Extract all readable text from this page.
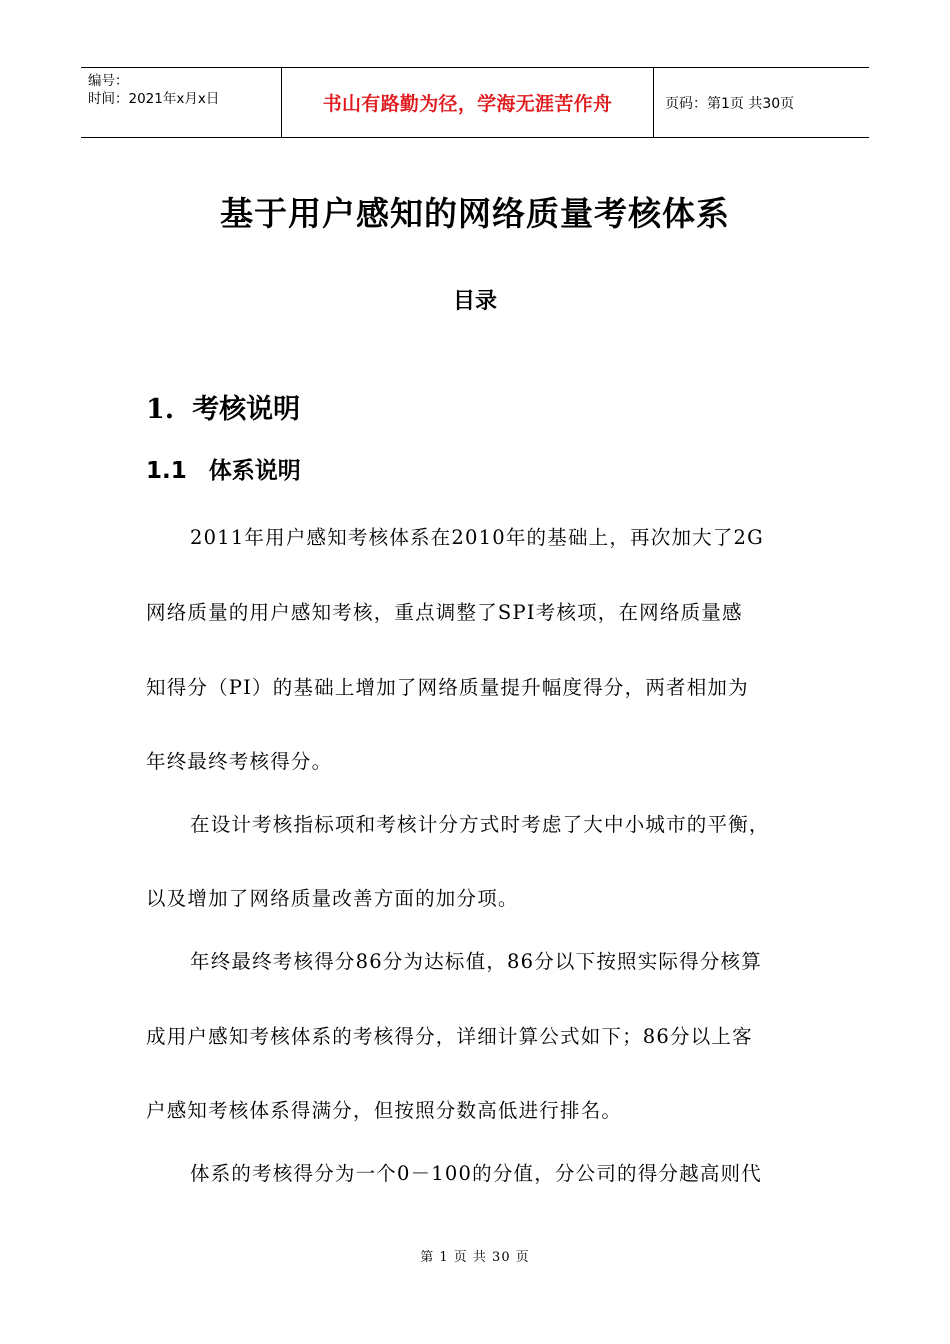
编号：
时间：2021年x月x日	书山有路勤为径，学海无涯苦作舟	页码：第1页 共30页
基于用户感知的网络质量考核体系
目录
1. 考核说明
1.1 体系说明
2011年用户感知考核体系在2010年的基础上，再次加大了2G
网络质量的用户感知考核，重点调整了SPI考核项，在网络质量感
知得分（PI）的基础上增加了网络质量提升幅度得分，两者相加为
年终最终考核得分。
在设计考核指标项和考核计分方式时考虑了大中小城市的平衡，
以及增加了网络质量改善方面的加分项。
年终最终考核得分86分为达标值，86分以下按照实际得分核算
成用户感知考核体系的考核得分，详细计算公式如下；86分以上客
户感知考核体系得满分，但按照分数高低进行排名。
体系的考核得分为一个0－100的分值，分公司的得分越高则代
第 1 页 共 30 页
